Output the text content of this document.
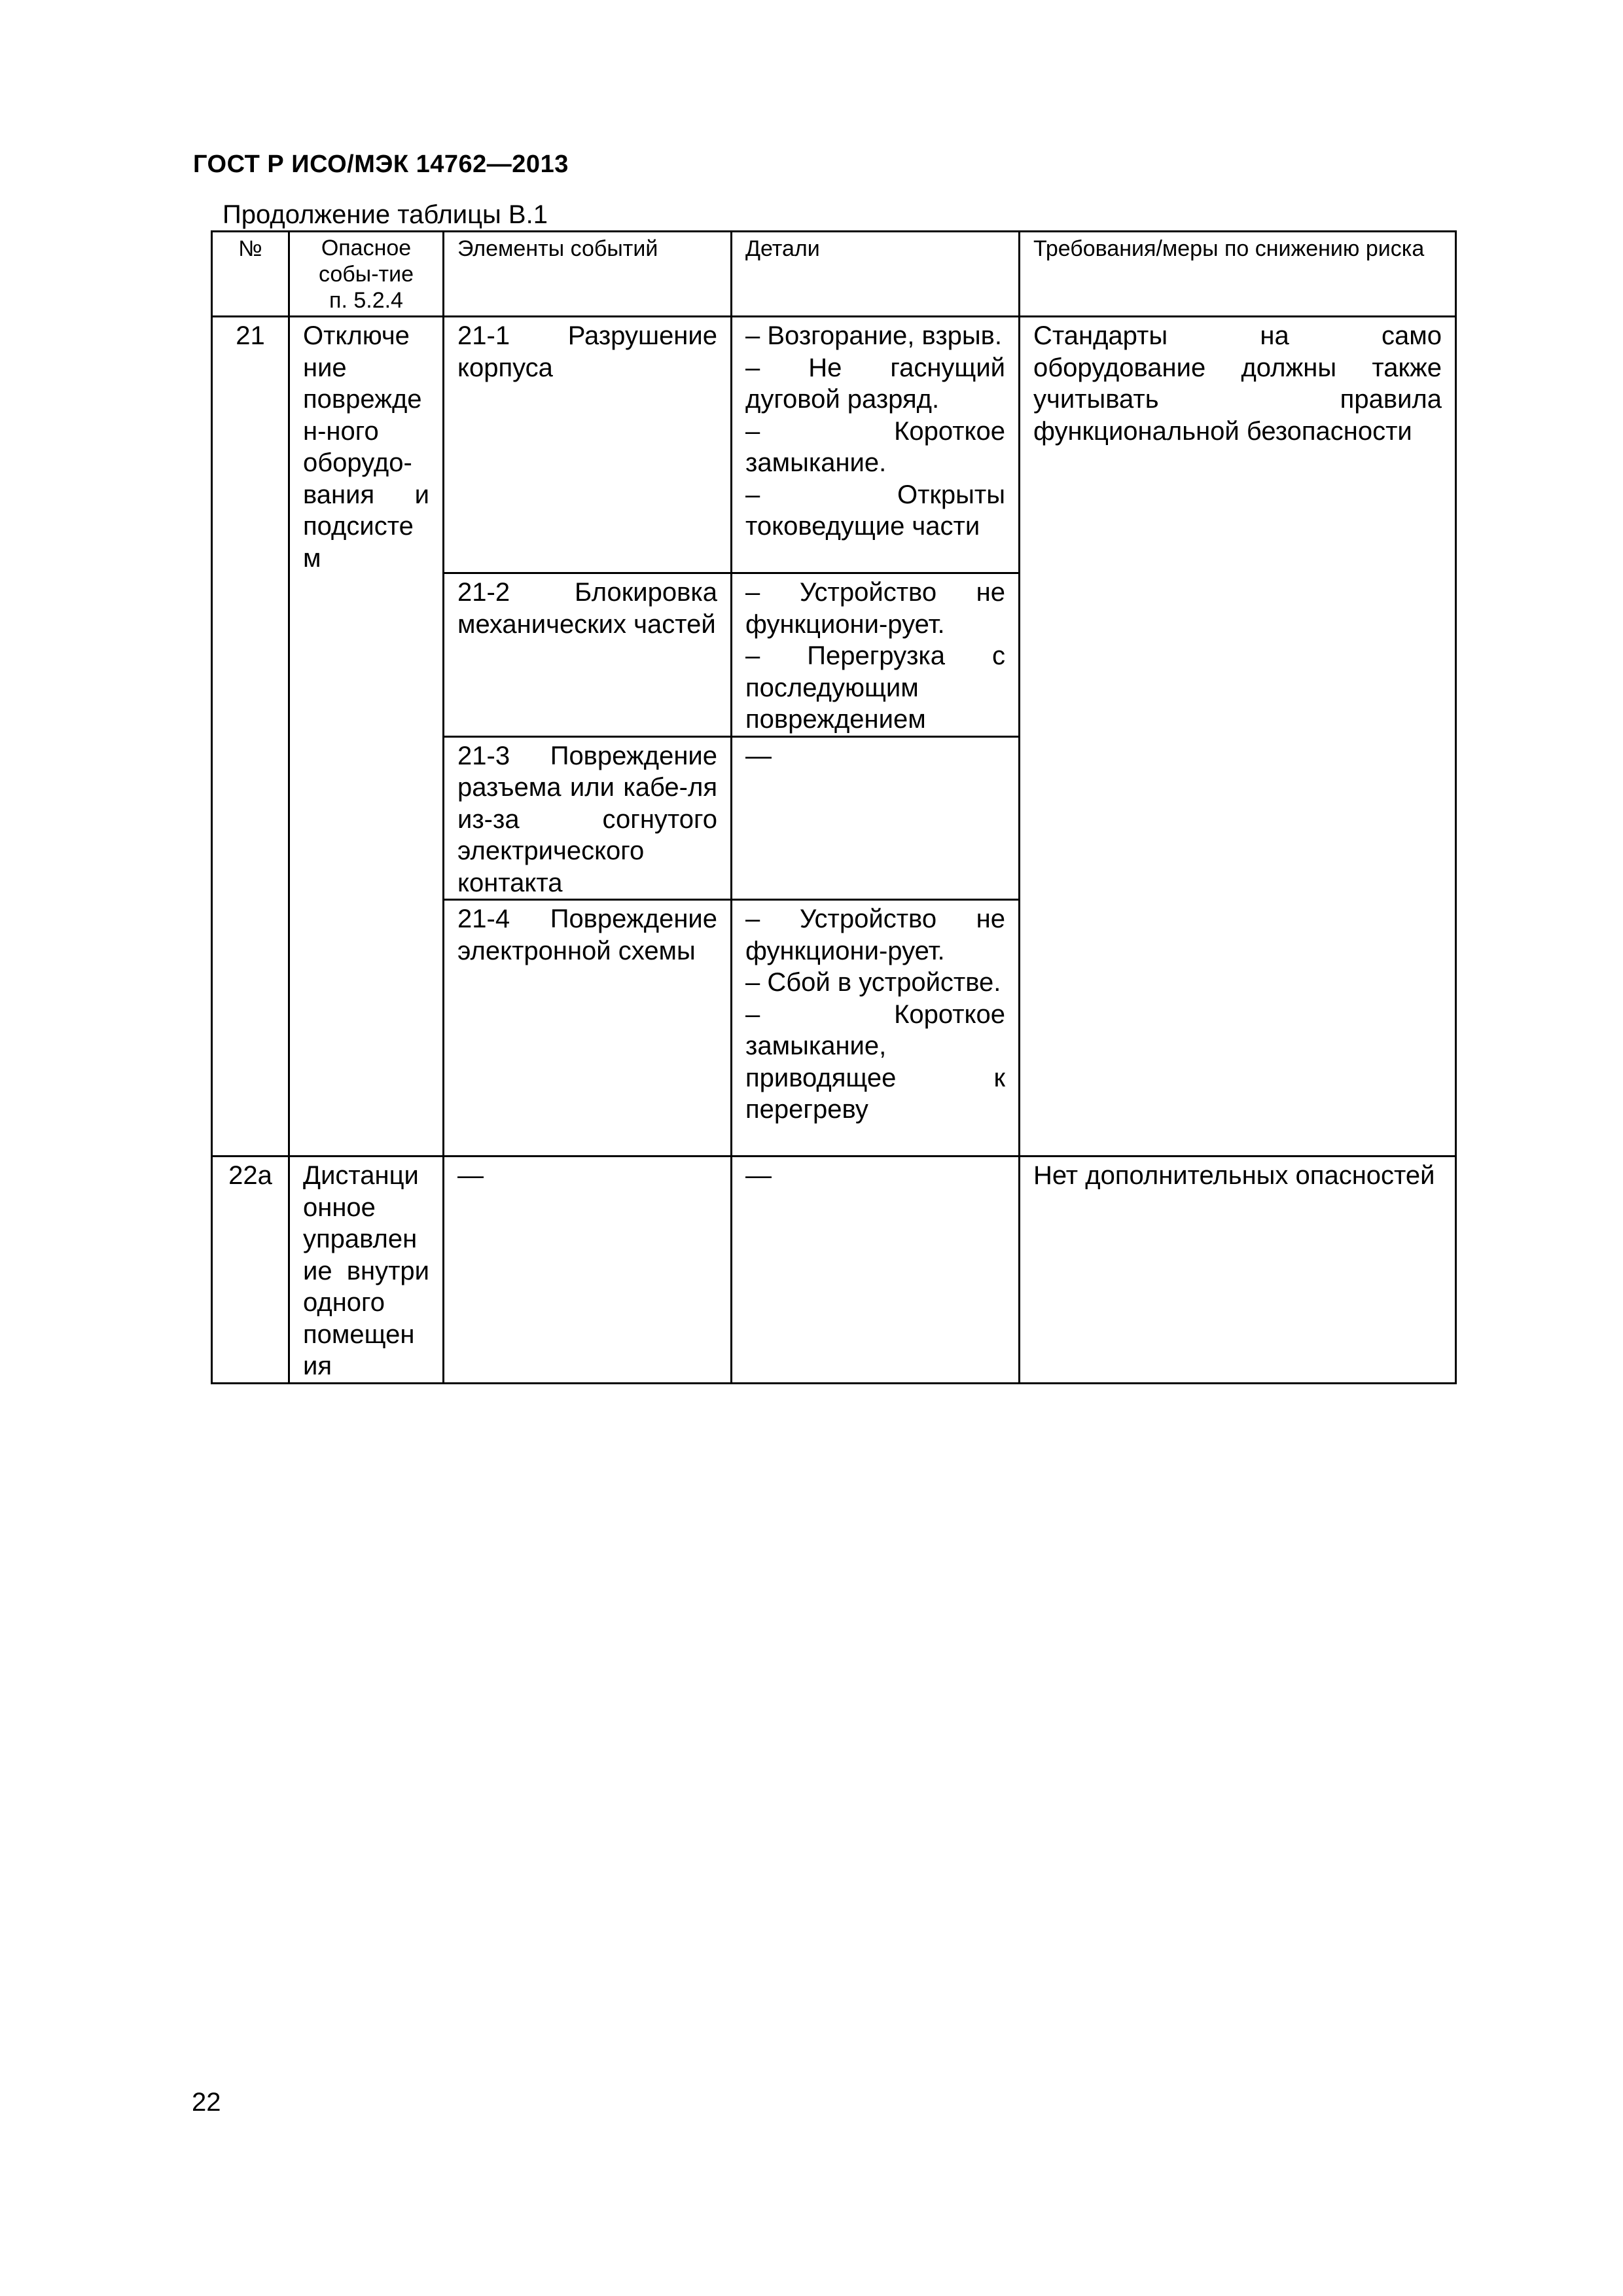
ГОСТ Р ИСО/МЭК 14762—2013
Продолжение таблицы В.1
№	Опасное
собы-тие
п. 5.2.4	Элементы событий	Детали	Требования/меры по снижению риска
21	Отключе ние поврежде н-ного оборудо-вания и подсисте м	21-1 Разрушение корпуса	– Возгорание, взрыв.
– Не гаснущий дуговой разряд.
– Короткое замыкание.
– Открыты токоведущие части	Стандарты на само оборудование должны также учитывать правила функциональной безопасности
		21-2 Блокировка механических частей	– Устройство не функциони-рует.
– Перегрузка с последующим повреждением	

		21-3 Повреждение разъема или кабе-ля из-за согнутого электрического контакта	—	

		21-4 Повреждение электронной схемы	– Устройство не функциони-рует.
– Сбой в устройстве.
– Короткое замыкание, приводящее к перегреву	

22а	Дистанци онное управлен ие внутри одного помещен ия	—	—	Нет дополнительных опасностей
22
